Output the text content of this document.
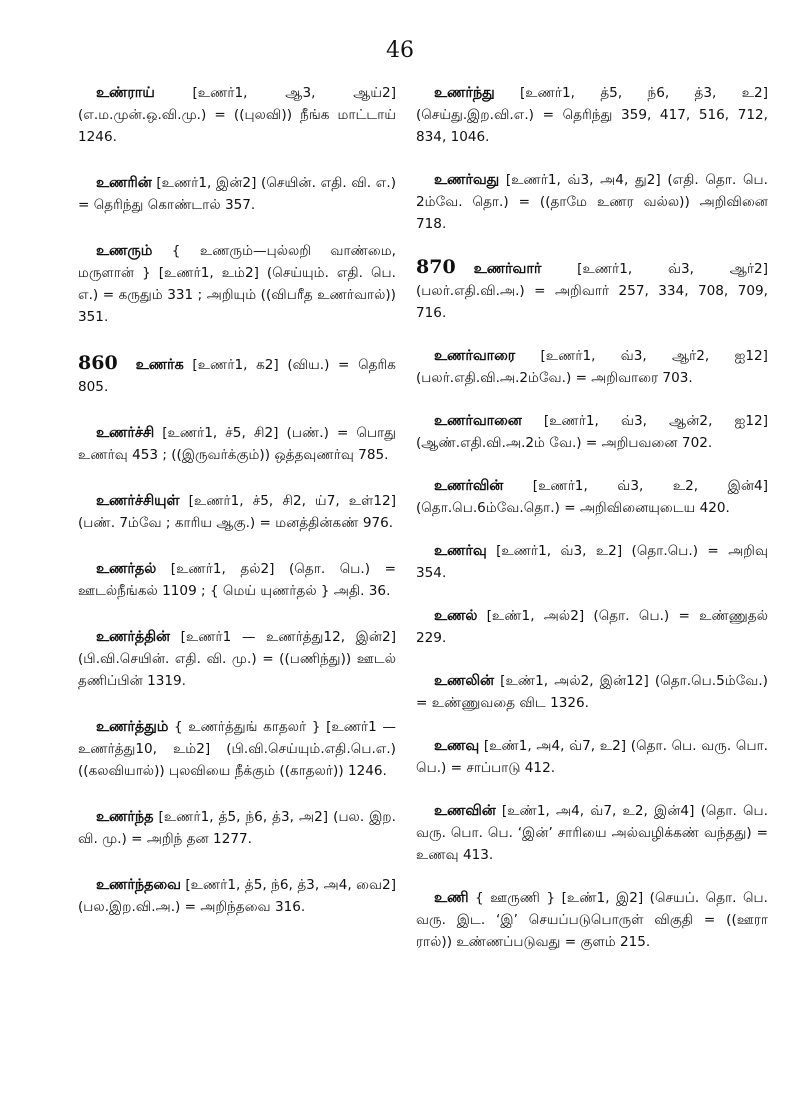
46

உண்ராய்	[உணர்1, ஆ3, ஆய்2] (எ.ம.முன்.ஒ.வி.மு.) = ((புலவி)) நீங்க மாட்டாய் 1246.

உணரின் [உணர்1, இன்2] (செயின். எதி. வி. எ.) = தெரிந்து கொண்டால் 357.

உணரும் { உணரும்—புல்லறி வாண்மை, மருளான் } [உணர்1, உம்2] (செய்யும். எதி. பெ. எ.) = கருதும் 331 ; அறியும் ((விபரீத உணர்வால்)) 351.

860 உணர்க [உணர்1, க2] (விய.) = தெரிக 805.

உணர்ச்சி [உணர்1, ச்5, சி2] (பண்.) = பொது உணர்வு 453 ; ((இருவர்க்கும்)) ஒத்தவுணர்வு 785.

உணர்ச்சியுள் [உணர்1, ச்5, சி2, ய்7, உள்12] (பண். 7ம்வே ; காரிய ஆகு.) = மனத்தின்கண் 976.

உணர்தல் [உணர்1, தல்2] (தொ. பெ.) = ஊடல்நீங்கல் 1109 ; { மெய் யுணர்தல் } அதி. 36.

உணர்த்தின் [உணர்1 — உணர்த்து12, இன்2] (பி.வி.செயின். எதி. வி. மு.) = ((பணிந்து)) ஊடல் தணிப்பின் 1319.

உணர்த்தும் { உணர்த்துங் காதலர் } [உணர்1 — உணர்த்து10, உம்2] (பி.வி.செய்யும்.எதி.பெ.எ.) ((கலவியால்)) புலவியை நீக்கும் ((காதலர்)) 1246.

உணர்ந்த [உணர்1, த்5, ந்6, த்3, அ2] (பல. இற. வி. மு.) = அறிந் தன 1277.

உணர்ந்தவை [உணர்1, த்5, ந்6, த்3, அ4, வை2] (பல.இற.வி.அ.) = அறிந்தவை 316.

உணர்ந்து [உணர்1, த்5, ந்6, த்3, உ2] (செய்து.இற.வி.எ.) = தெரிந்து 359, 417, 516, 712, 834, 1046.

உணர்வது [உணர்1, வ்3, அ4, து2] (எதி. தொ. பெ. 2ம்வே. தொ.) = ((தாமே உணர வல்ல)) அறிவினை 718.

870 உணர்வார்	[உணர்1, வ்3, ஆர்2] (பலர்.எதி.வி.அ.) = அறிவார் 257, 334, 708, 709, 716.

உணர்வாரை [உணர்1, வ்3, ஆர்2, ஐ12] (பலர்.எதி.வி.அ.2ம்வே.) = அறிவாரை 703.

உணர்வானை [உணர்1, வ்3, ஆன்2, ஐ12] (ஆண்.எதி.வி.அ.2ம் வே.) = அறிபவனை 702.

உணர்வின் [உணர்1, வ்3, உ2, இன்4] (தொ.பெ.6ம்வே.தொ.) = அறிவினையுடைய 420.

உணர்வு [உணர்1, வ்3, உ2] (தொ.பெ.) = அறிவு 354.

உணல் [உண்1, அல்2] (தொ. பெ.) = உண்ணுதல் 229.

உணலின் [உண்1, அல்2, இன்12] (தொ.பெ.5ம்வே.) = உண்ணுவதை விட 1326.

உணவு [உண்1, அ4, வ்7, உ2] (தொ. பெ. வரு. பொ. பெ.) = சாப்பாடு 412.

உணவின் [உண்1, அ4, வ்7, உ2, இன்4] (தொ. பெ. வரு. பொ. பெ. ‘இன்’ சாரியை அல்வழிக்கண் வந்தது) = உணவு 413.

உணி { ஊருணி } [உண்1, இ2] (செயப். தொ. பெ. வரு. இட. ‘இ’ செயப்படுபொருள் விகுதி = ((ஊரா ரால்)) உண்ணப்படுவது = குளம் 215.
